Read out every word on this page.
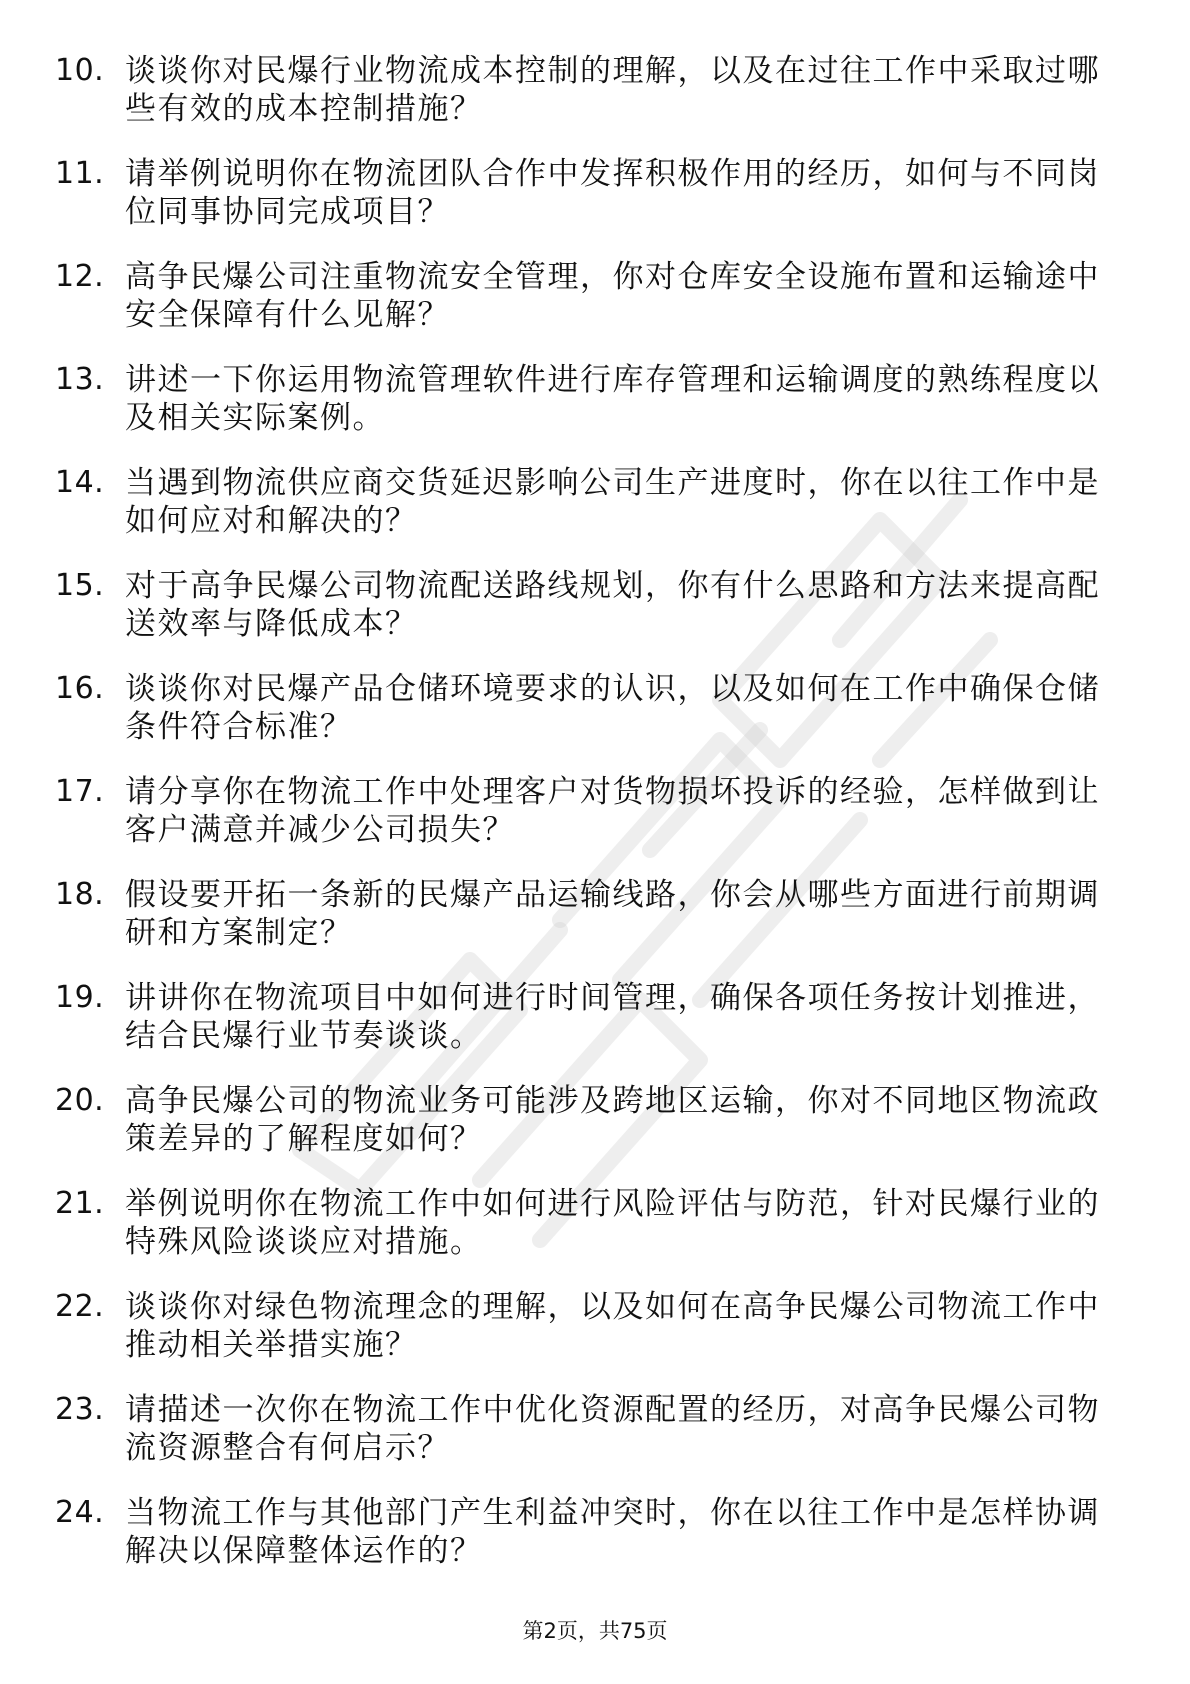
10. 谈谈你对民爆行业物流成本控制的理解，以及在过往工作中采取过哪些有效的成本控制措施？
11. 请举例说明你在物流团队合作中发挥积极作用的经历，如何与不同岗位同事协同完成项目？
12. 高争民爆公司注重物流安全管理，你对仓库安全设施布置和运输途中安全保障有什么见解？
13. 讲述一下你运用物流管理软件进行库存管理和运输调度的熟练程度以及相关实际案例。
14. 当遇到物流供应商交货延迟影响公司生产进度时，你在以往工作中是如何应对和解决的？
15. 对于高争民爆公司物流配送路线规划，你有什么思路和方法来提高配送效率与降低成本？
16. 谈谈你对民爆产品仓储环境要求的认识，以及如何在工作中确保仓储条件符合标准？
17. 请分享你在物流工作中处理客户对货物损坏投诉的经验，怎样做到让客户满意并减少公司损失？
18. 假设要开拓一条新的民爆产品运输线路，你会从哪些方面进行前期调研和方案制定？
19. 讲讲你在物流项目中如何进行时间管理，确保各项任务按计划推进，结合民爆行业节奏谈谈。
20. 高争民爆公司的物流业务可能涉及跨地区运输，你对不同地区物流政策差异的了解程度如何？
21. 举例说明你在物流工作中如何进行风险评估与防范，针对民爆行业的特殊风险谈谈应对措施。
22. 谈谈你对绿色物流理念的理解，以及如何在高争民爆公司物流工作中推动相关举措实施？
23. 请描述一次你在物流工作中优化资源配置的经历，对高争民爆公司物流资源整合有何启示？
24. 当物流工作与其他部门产生利益冲突时，你在以往工作中是怎样协调解决以保障整体运作的？
第2页，共75页
